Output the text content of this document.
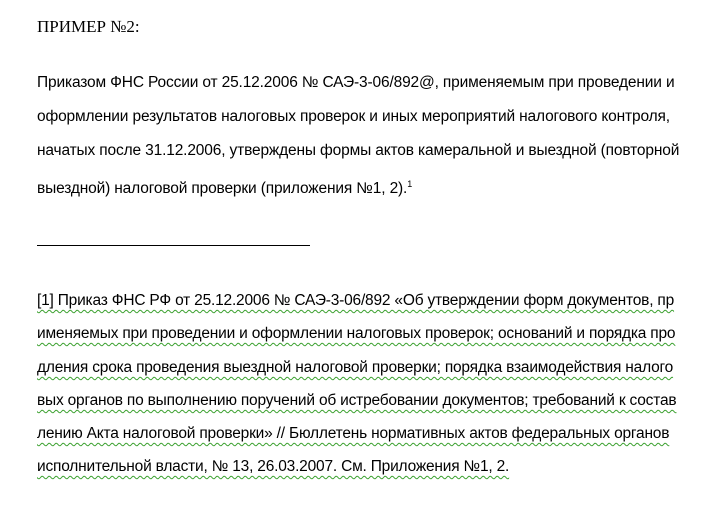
ПРИМЕР №2:
Приказом ФНС России от 25.12.2006 № САЭ-3-06/892@, применяемым при проведении и
оформлении результатов налоговых проверок и иных мероприятий налогового контроля,
начатых после 31.12.2006, утверждены формы актов камеральной и выездной (повторной
выездной) налоговой проверки (приложения №1, 2).$^1$
[1] Приказ ФНС РФ от 25.12.2006 № САЭ-3-06/892 «Об утверждении форм документов, пр
именяемых при проведении и оформлении налоговых проверок; оснований и порядка про
дления срока проведения выездной налоговой проверки; порядка взаимодействия налого
вых органов по выполнению поручений об истребовании документов; требований к состав
лению Акта налоговой проверки» // Бюллетень нормативных актов федеральных органов
исполнительной власти, № 13, 26.03.2007. См. Приложения №1, 2.
